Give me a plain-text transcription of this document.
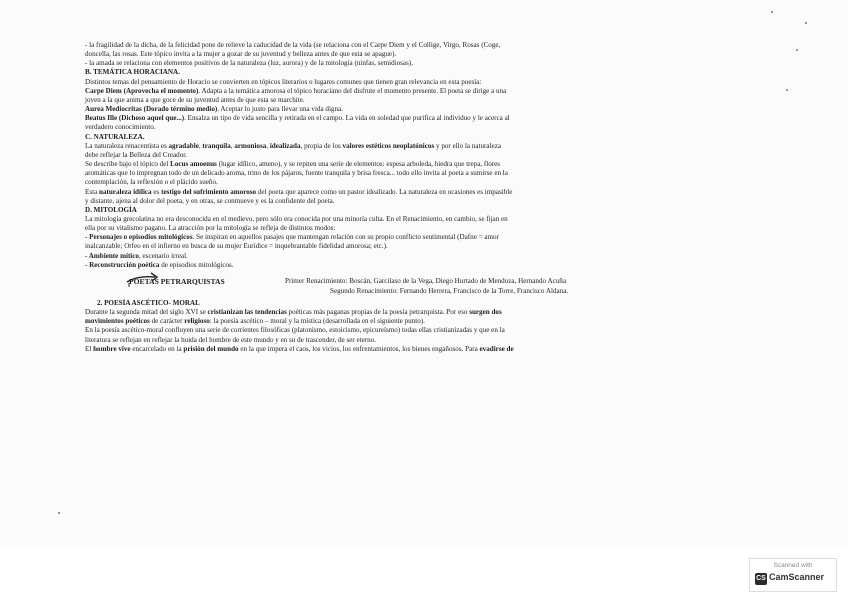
- la fragilidad de la dicha, de la felicidad pone de relieve la caducidad de la vida (se relaciona con el Carpe Diem y el Collige, Virgo, Rosas (Coge,

doncella, las rosas. Este tópico invita a la mujer a gozar de su juventud y belleza antes de que esta se apague).

- la amada se relaciona con elementos positivos de la naturaleza (luz, aurora) y de la mitología (ninfas, semidiosas).

B. TEMÁTICA HORACIANA.

Distintos temas del pensamiento de Horacio se convierten en tópicos literarios o lugares comunes que tienen gran relevancia en esta poesía:

Carpe Diem (Aprovecha el momento). Adapta a la temática amorosa el tópico horaciano del disfrute el momento presente. El poeta se dirige a una

joven a la que anima a que goce de su juventud antes de que esta se marchite.

Aurea Mediocritas (Dorado término medio). Aceptar lo justo para llevar una vida digna.

Beatus Ille (Dichoso aquel que...). Ensalza un tipo de vida sencilla y retirada en el campo. La vida en soledad que purifica al individuo y le acerca al

verdadero conocimiento.

C. NATURALEZA.

La naturaleza renacentista es agradable, tranquila, armoniosa, idealizada, propia de los valores estéticos neoplatónicos y por ello la naturaleza

debe reflejar la Belleza del Creador.

Se describe bajo el tópico del Locus amoenus (lugar idílico, ameno), y se repiten una serie de elementos: espesa arboleda, hiedra que trepa, flores

aromáticas que lo impregnan todo de un delicado aroma, trino de los pájaros, fuente tranquila y brisa fresca... todo ello invita al poeta a sumirse en la

contemplación, la reflexión o el plácido sueño.

Esta naturaleza idílica es testigo del sufrimiento amoroso del poeta que aparece como un pastor idealizado. La naturaleza en ocasiones es impasible

y distante, ajena al dolor del poeta, y en otras, se conmueve y es la confidente del poeta.

D. MITOLOGÍA

La mitología grecolatina no era desconocida en el medievo, pero sólo era conocida por una minoría culta. En el Renacimiento, en cambio, se fijan en

ella por su vitalismo pagano. La atracción por la mitología se refleja de distintos modos:

- Personajes o episodios mitológicos. Se inspiran en aquellos pasajes que mantengan relación con su propio conflicto sentimental (Dafne = amor

inalcanzable; Orfeo en el infierno en busca de su mujer Eurídice = inquebrantable fidelidad amorosa; etc.).

- Ambiente mítico, escenario irreal.

- Reconstrucción poética de episodios mitológicos.

POETAS PETRARQUISTAS	Primer Renacimiento: Boscán, Garcilaso de la Vega, Diego Hurtado de Mendoza, Hernando Acuña
Segundo Renacimiento: Fernando Herrera, Francisco de la Torre, Francisco Aldana.

2. POESÍA ASCÉTICO- MORAL

Durante la segunda mitad del siglo XVI se cristianizan las tendencias poéticas más paganas propias de la poesía petrarquista. Por eso surgen dos

movimientos poéticos de carácter religioso: la poesía ascético – moral y la mística (desarrollada en el siguiente punto).

En la poesía ascético-moral confluyen una serie de corrientes filosóficas (platonismo, estoicismo, epicureísmo) todas ellas cristianizadas y que en la

literatura se reflejan en reflejar la huida del hombre de este mundo y en su de trascender, de ser eterno.

El hombre vive encarcelado en la prisión del mundo en la que impera el caos, los vicios, los enfrentamientos, los bienes engañosos. Para evadirse de

Scanned with
CS CamScanner
